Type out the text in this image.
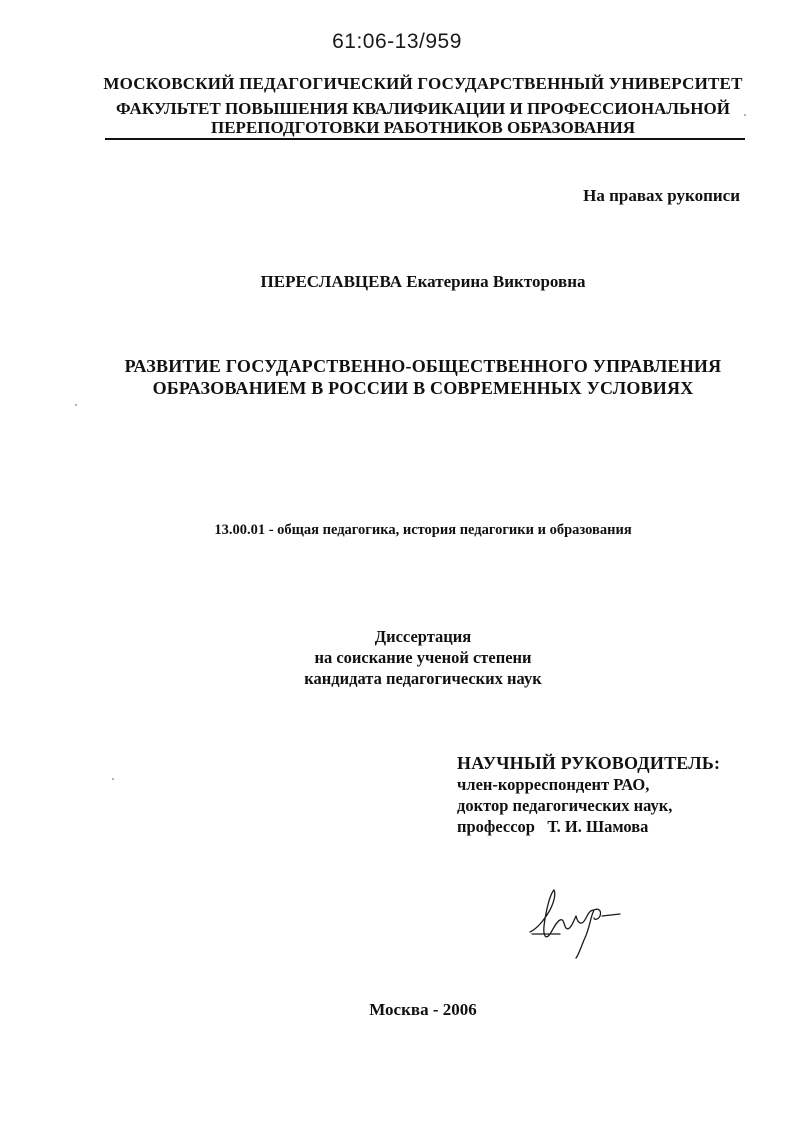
61:06-13/959
МОСКОВСКИЙ ПЕДАГОГИЧЕСКИЙ ГОСУДАРСТВЕННЫЙ УНИВЕРСИТЕТ
ФАКУЛЬТЕТ ПОВЫШЕНИЯ КВАЛИФИКАЦИИ И ПРОФЕССИОНАЛЬНОЙ
ПЕРЕПОДГОТОВКИ РАБОТНИКОВ ОБРАЗОВАНИЯ
На правах рукописи
ПЕРЕСЛАВЦЕВА Екатерина Викторовна
РАЗВИТИЕ ГОСУДАРСТВЕННО-ОБЩЕСТВЕННОГО УПРАВЛЕНИЯ
ОБРАЗОВАНИЕМ В РОССИИ В СОВРЕМЕННЫХ УСЛОВИЯХ
13.00.01 - общая педагогика, история педагогики и образования
Диссертация
на соискание ученой степени
кандидата педагогических наук
НАУЧНЫЙ РУКОВОДИТЕЛЬ:
член-корреспондент РАО,
доктор педагогических наук,
профессор   Т. И. Шамова
Москва - 2006
